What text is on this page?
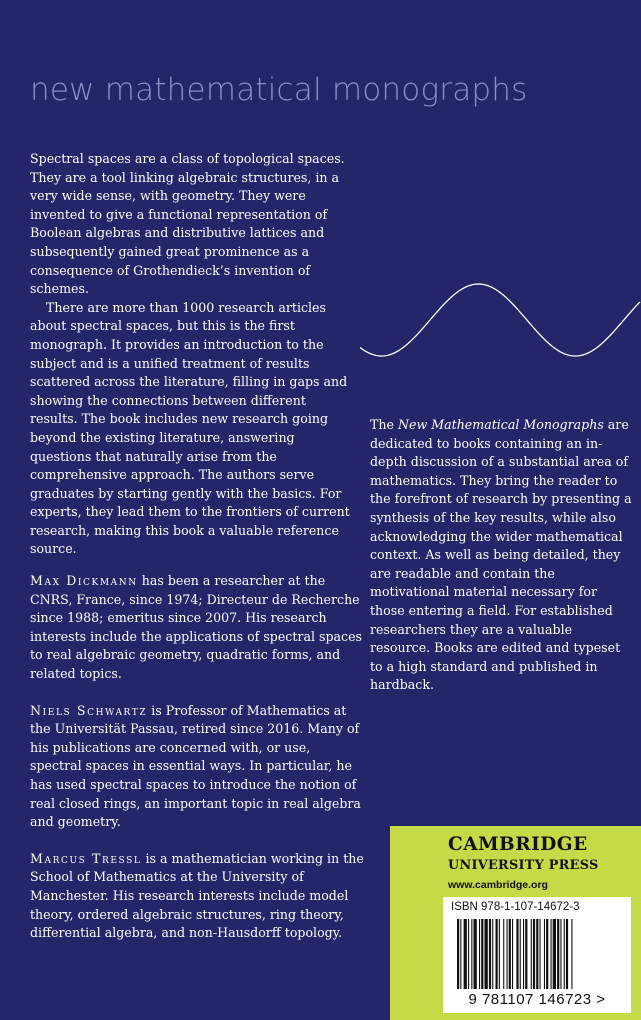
new mathematical monographs

Spectral spaces are a class of topological spaces. They are a tool linking algebraic structures, in a very wide sense, with geometry. They were invented to give a functional representation of Boolean algebras and distributive lattices and subsequently gained great prominence as a consequence of Grothendieck’s invention of schemes.

There are more than 1000 research articles about spectral spaces, but this is the first monograph. It provides an introduction to the subject and is a unified treatment of results scattered across the literature, filling in gaps and showing the connections between different results. The book includes new research going beyond the existing literature, answering questions that naturally arise from the comprehensive approach. The authors serve graduates by starting gently with the basics. For experts, they lead them to the frontiers of current research, making this book a valuable reference source.

Max Dickmann has been a researcher at the CNRS, France, since 1974; Directeur de Recherche since 1988; emeritus since 2007. His research interests include the applications of spectral spaces to real algebraic geometry, quadratic forms, and related topics.

Niels Schwartz is Professor of Mathematics at the Universität Passau, retired since 2016. Many of his publications are concerned with, or use, spectral spaces in essential ways. In particular, he has used spectral spaces to introduce the notion of real closed rings, an important topic in real algebra and geometry.

Marcus Tressl is a mathematician working in the School of Mathematics at the University of Manchester. His research interests include model theory, ordered algebraic structures, ring theory, differential algebra, and non-Hausdorff topology.

The New Mathematical Monographs are dedicated to books containing an in-depth discussion of a substantial area of mathematics. They bring the reader to the forefront of research by presenting a synthesis of the key results, while also acknowledging the wider mathematical context. As well as being detailed, they are readable and contain the motivational material necessary for those entering a field. For established researchers they are a valuable resource. Books are edited and typeset to a high standard and published in hardback.

CAMBRIDGE

UNIVERSITY PRESS

www.cambridge.org

ISBN 978-1-107-14672-3

9 781107 146723 >
